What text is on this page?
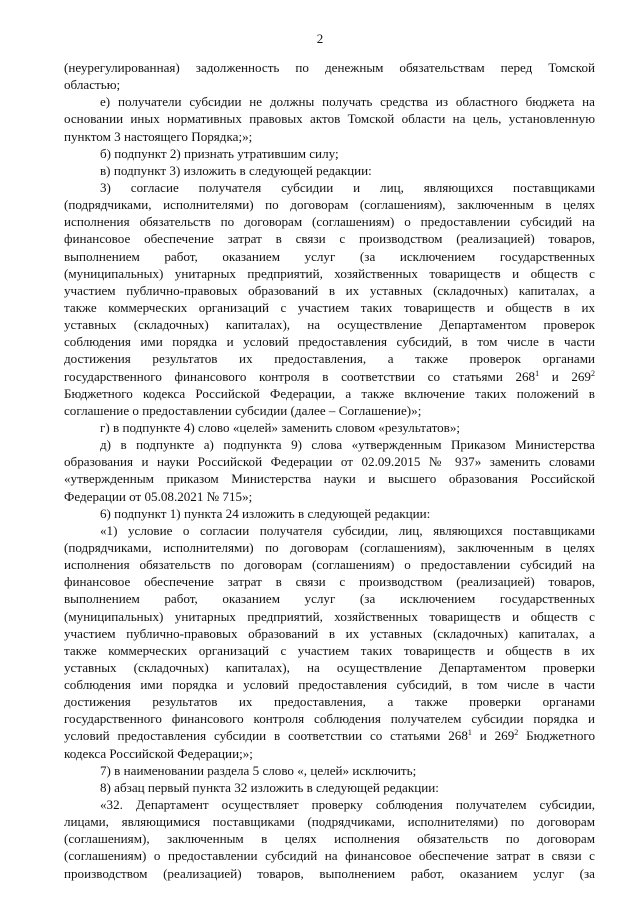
2
(неурегулированная) задолженность по денежным обязательствам перед Томской
областью;
е) получатели субсидии не должны получать средства из областного бюджета на
основании иных нормативных правовых актов Томской области на цель, установленную
пунктом 3 настоящего Порядка;»;
б) подпункт 2) признать утратившим силу;
в) подпункт 3) изложить в следующей редакции:
3) согласие получателя субсидии и лиц, являющихся поставщиками
(подрядчиками, исполнителями) по договорам (соглашениям), заключенным в целях
исполнения обязательств по договорам (соглашениям) о предоставлении субсидий на
финансовое обеспечение затрат в связи с производством (реализацией) товаров,
выполнением работ, оказанием услуг (за исключением государственных
(муниципальных) унитарных предприятий, хозяйственных товариществ и обществ с
участием публично-правовых образований в их уставных (складочных) капиталах, а
также коммерческих организаций с участием таких товариществ и обществ в их
уставных (складочных) капиталах), на осуществление Департаментом проверок
соблюдения ими порядка и условий предоставления субсидий, в том числе в части
достижения результатов их предоставления, а также проверок органами
государственного финансового контроля в соответствии со статьями $268^1$ и $269^2$
Бюджетного кодекса Российской Федерации, а также включение таких положений в
соглашение о предоставлении субсидии (далее – Соглашение)»;
г) в подпункте 4) слово «целей» заменить словом «результатов»;
д) в подпункте а) подпункта 9) слова «утвержденным Приказом Министерства
образования и науки Российской Федерации от 02.09.2015 № 937» заменить словами
«утвержденным приказом Министерства науки и высшего образования Российской
Федерации от 05.08.2021 № 715»;
6) подпункт 1) пункта 24 изложить в следующей редакции:
«1) условие о согласии получателя субсидии, лиц, являющихся поставщиками
(подрядчиками, исполнителями) по договорам (соглашениям), заключенным в целях
исполнения обязательств по договорам (соглашениям) о предоставлении субсидий на
финансовое обеспечение затрат в связи с производством (реализацией) товаров,
выполнением работ, оказанием услуг (за исключением государственных
(муниципальных) унитарных предприятий, хозяйственных товариществ и обществ с
участием публично-правовых образований в их уставных (складочных) капиталах, а
также коммерческих организаций с участием таких товариществ и обществ в их
уставных (складочных) капиталах), на осуществление Департаментом проверки
соблюдения ими порядка и условий предоставления субсидий, в том числе в части
достижения результатов их предоставления, а также проверки органами
государственного финансового контроля соблюдения получателем субсидии порядка и
условий предоставления субсидии в соответствии со статьями $268^1$ и $269^2$ Бюджетного
кодекса Российской Федерации;»;
7) в наименовании раздела 5 слово «, целей» исключить;
8) абзац первый пункта 32 изложить в следующей редакции:
«32. Департамент осуществляет проверку соблюдения получателем субсидии,
лицами, являющимися поставщиками (подрядчиками, исполнителями) по договорам
(соглашениям), заключенным в целях исполнения обязательств по договорам
(соглашениям) о предоставлении субсидий на финансовое обеспечение затрат в связи с
производством (реализацией) товаров, выполнением работ, оказанием услуг (за
